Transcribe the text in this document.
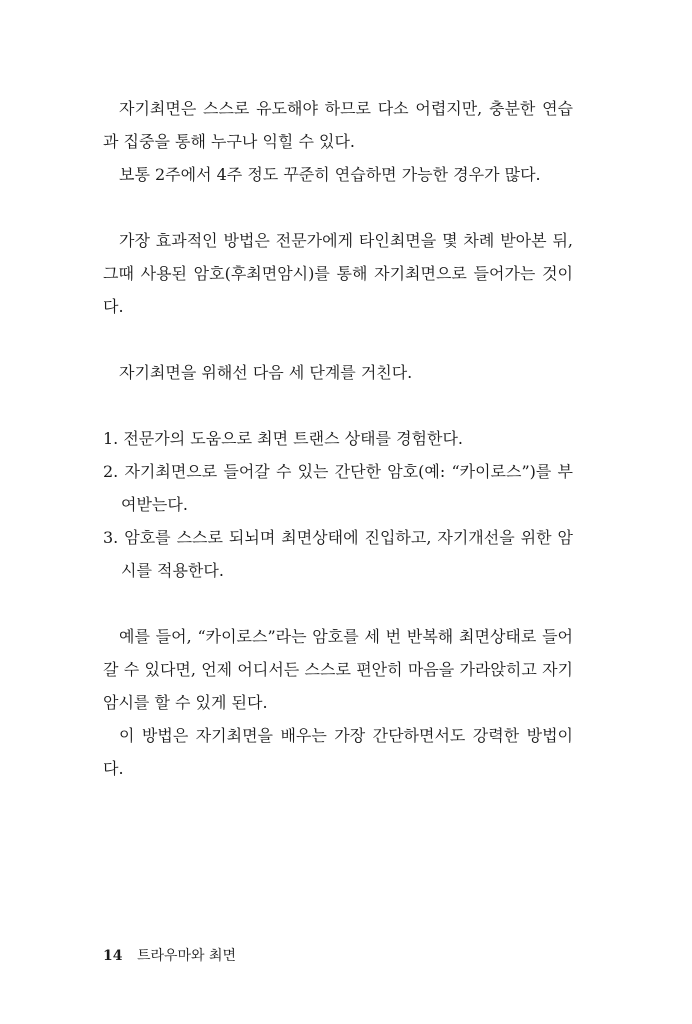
자기최면은 스스로 유도해야 하므로 다소 어렵지만, 충분한 연습과 집중을 통해 누구나 익힐 수 있다.

보통 2주에서 4주 정도 꾸준히 연습하면 가능한 경우가 많다.

가장 효과적인 방법은 전문가에게 타인최면을 몇 차례 받아본 뒤, 그때 사용된 암호(후최면암시)를 통해 자기최면으로 들어가는 것이다.

자기최면을 위해선 다음 세 단계를 거친다.

1. 전문가의 도움으로 최면 트랜스 상태를 경험한다.

2. 자기최면으로 들어갈 수 있는 간단한 암호(예: “카이로스”)를 부여받는다.

3. 암호를 스스로 되뇌며 최면상태에 진입하고, 자기개선을 위한 암시를 적용한다.

예를 들어, “카이로스”라는 암호를 세 번 반복해 최면상태로 들어갈 수 있다면, 언제 어디서든 스스로 편안히 마음을 가라앉히고 자기암시를 할 수 있게 된다.

이 방법은 자기최면을 배우는 가장 간단하면서도 강력한 방법이다.

14 트라우마와 최면
